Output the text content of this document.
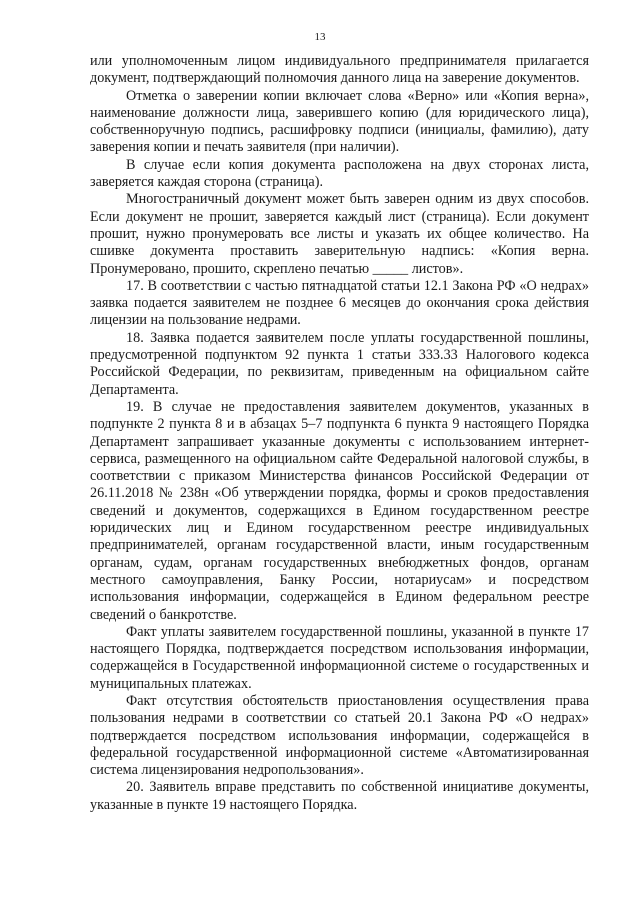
13

или уполномоченным лицом индивидуального предпринимателя прилагается документ, подтверждающий полномочия данного лица на заверение документов.

Отметка о заверении копии включает слова «Верно» или «Копия верна», наименование должности лица, заверившего копию (для юридического лица), собственноручную подпись, расшифровку подписи (инициалы, фамилию), дату заверения копии и печать заявителя (при наличии).

В случае если копия документа расположена на двух сторонах листа, заверяется каждая сторона (страница).

Многостраничный документ может быть заверен одним из двух способов. Если документ не прошит, заверяется каждый лист (страница). Если документ прошит, нужно пронумеровать все листы и указать их общее количество. На сшивке документа проставить заверительную надпись: «Копия верна. Пронумеровано, прошито, скреплено печатью _____ листов».

17. В соответствии с частью пятнадцатой статьи 12.1 Закона РФ «О недрах» заявка подается заявителем не позднее 6 месяцев до окончания срока действия лицензии на пользование недрами.

18. Заявка подается заявителем после уплаты государственной пошлины, предусмотренной подпунктом 92 пункта 1 статьи 333.33 Налогового кодекса Российской Федерации, по реквизитам, приведенным на официальном сайте Департамента.

19. В случае не предоставления заявителем документов, указанных в подпункте 2 пункта 8 и в абзацах 5–7 подпункта 6 пункта 9 настоящего Порядка Департамент запрашивает указанные документы с использованием интернет-сервиса, размещенного на официальном сайте Федеральной налоговой службы, в соответствии с приказом Министерства финансов Российской Федерации от 26.11.2018 № 238н «Об утверждении порядка, формы и сроков предоставления сведений и документов, содержащихся в Едином государственном реестре юридических лиц и Едином государственном реестре индивидуальных предпринимателей, органам государственной власти, иным государственным органам, судам, органам государственных внебюджетных фондов, органам местного самоуправления, Банку России, нотариусам» и посредством использования информации, содержащейся в Едином федеральном реестре сведений о банкротстве.

Факт уплаты заявителем государственной пошлины, указанной в пункте 17 настоящего Порядка, подтверждается посредством использования информации, содержащейся в Государственной информационной системе о государственных и муниципальных платежах.

Факт отсутствия обстоятельств приостановления осуществления права пользования недрами в соответствии со статьей 20.1 Закона РФ «О недрах» подтверждается посредством использования информации, содержащейся в федеральной государственной информационной системе «Автоматизированная система лицензирования недропользования».

20. Заявитель вправе представить по собственной инициативе документы, указанные в пункте 19 настоящего Порядка.
